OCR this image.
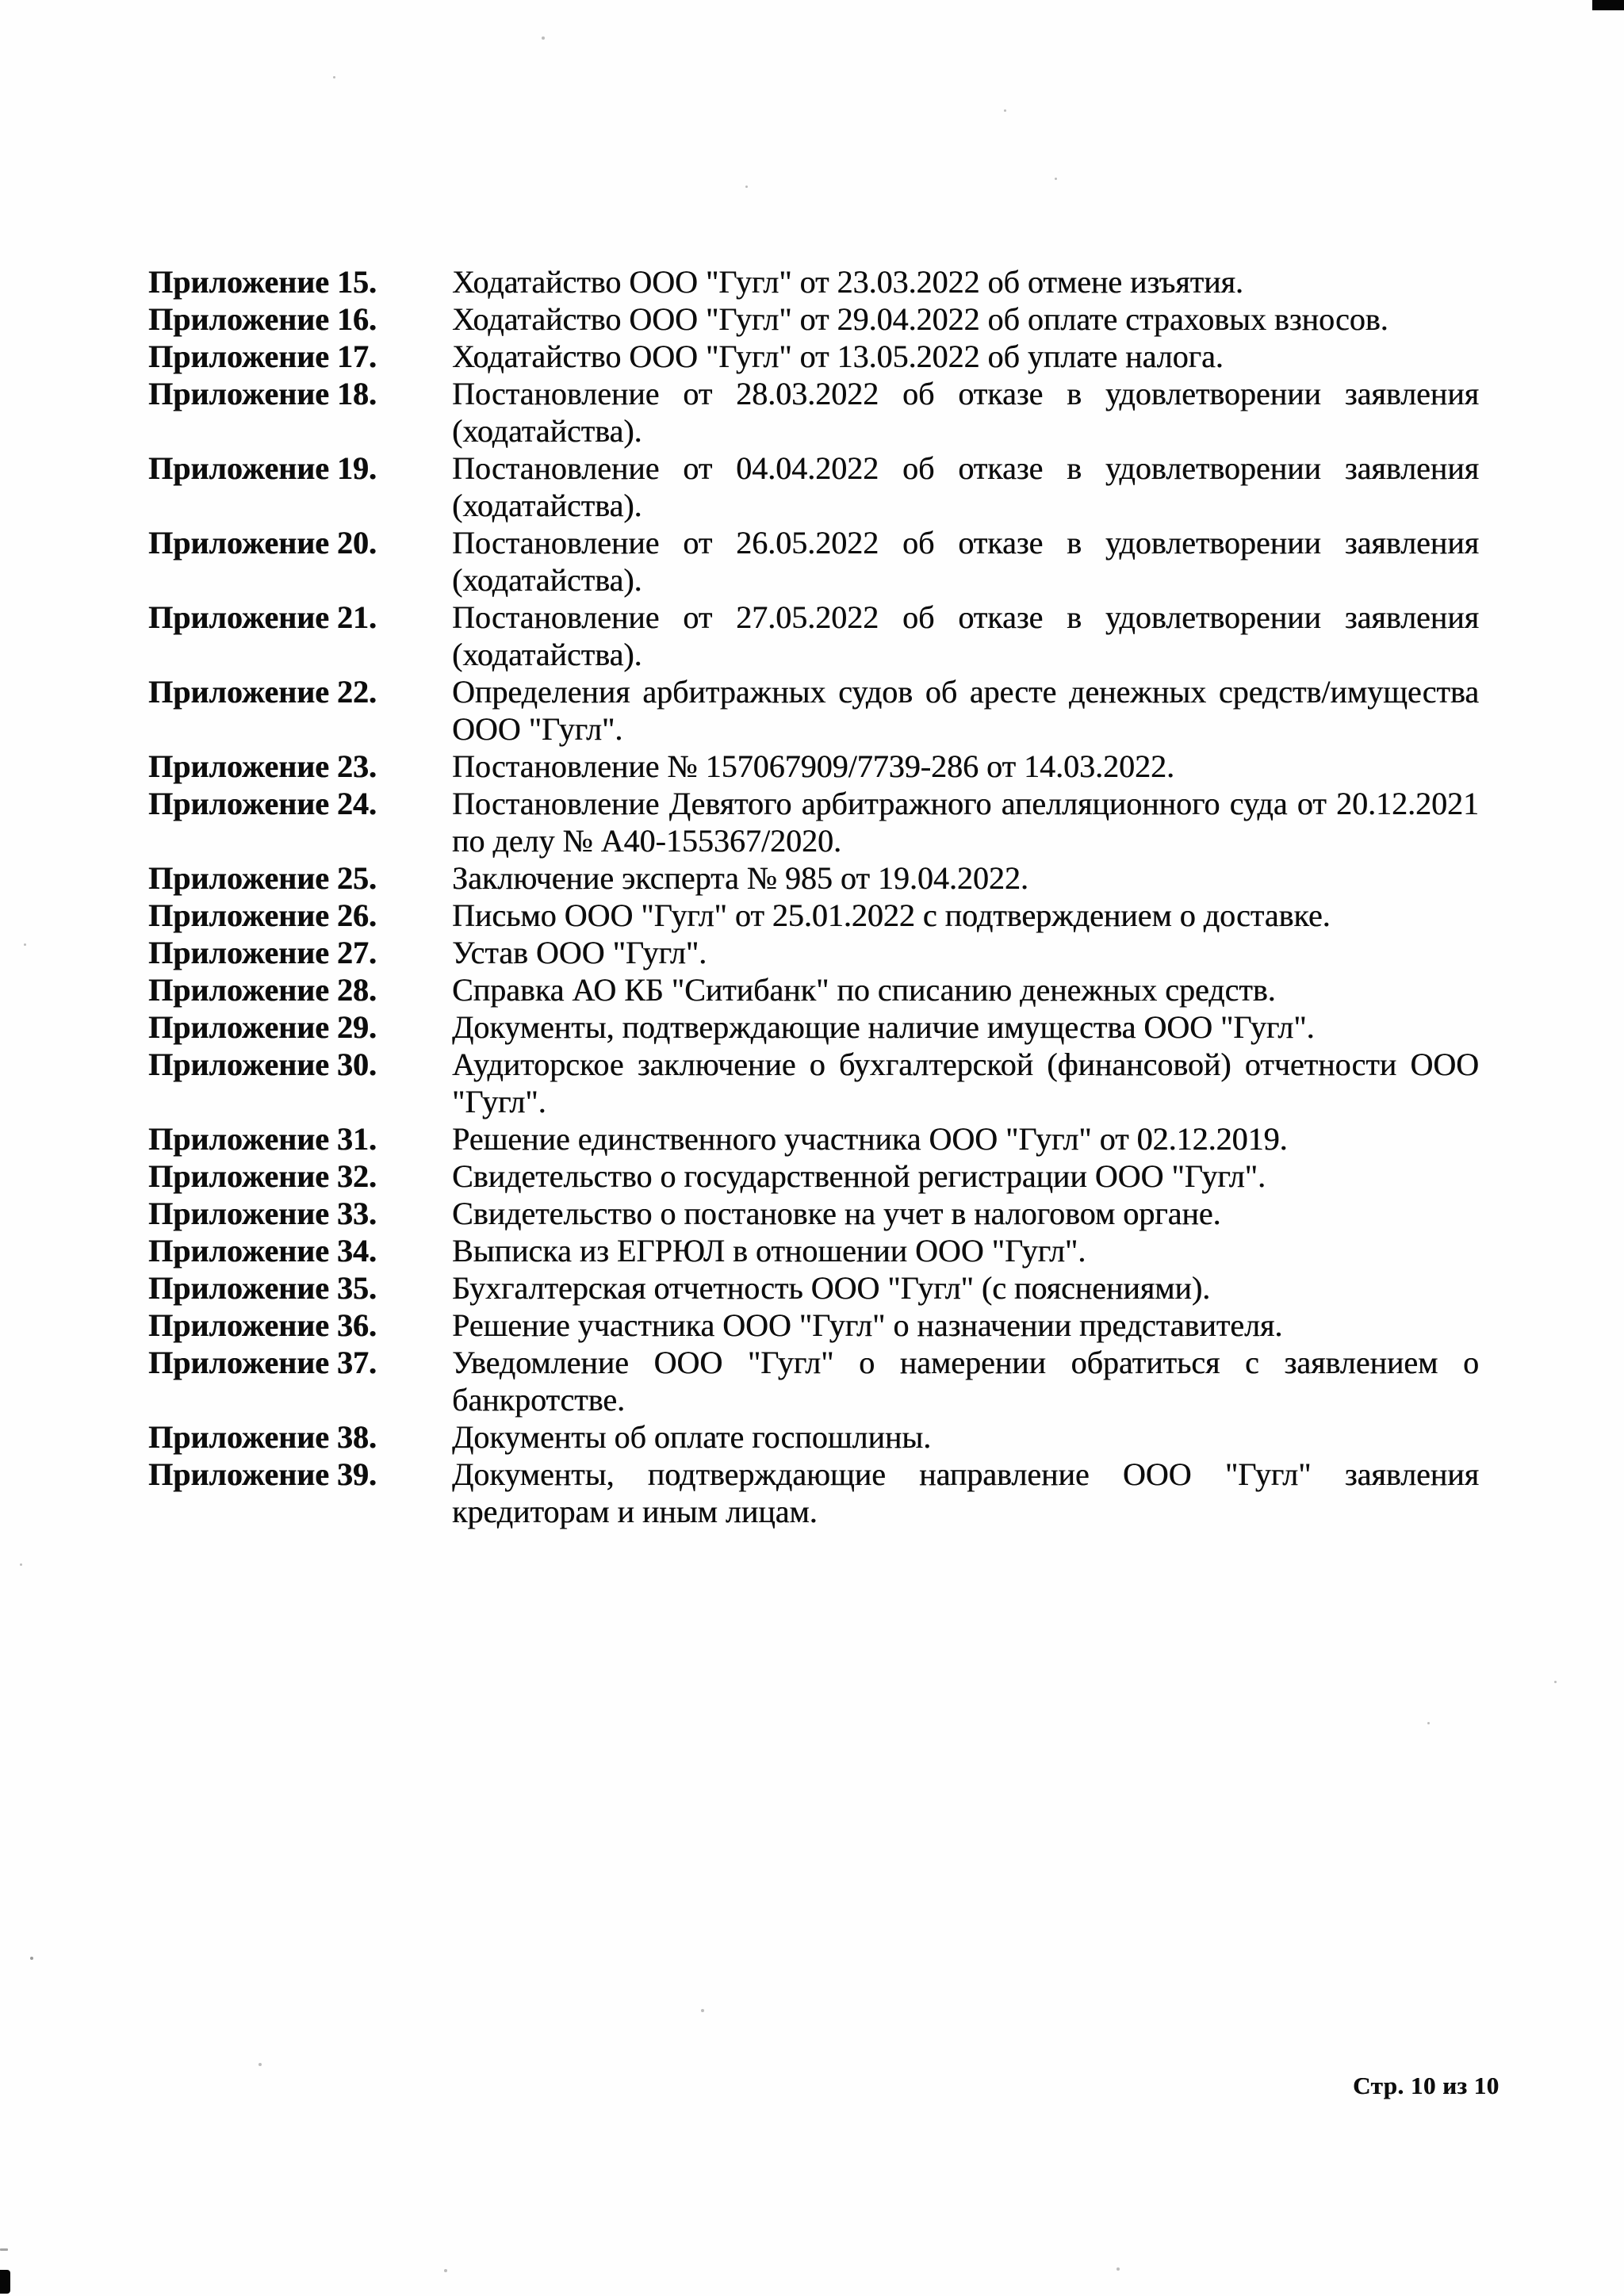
Приложение 15.	Ходатайство ООО "Гугл" от 23.03.2022 об отмене изъятия.
Приложение 16.	Ходатайство ООО "Гугл" от 29.04.2022 об оплате страховых взносов.
Приложение 17.	Ходатайство ООО "Гугл" от 13.05.2022 об уплате налога.
Приложение 18.	Постановление от 28.03.2022 об отказе в удовлетворении заявления (ходатайства).
Приложение 19.	Постановление от 04.04.2022 об отказе в удовлетворении заявления (ходатайства).
Приложение 20.	Постановление от 26.05.2022 об отказе в удовлетворении заявления (ходатайства).
Приложение 21.	Постановление от 27.05.2022 об отказе в удовлетворении заявления (ходатайства).
Приложение 22.	Определения арбитражных судов об аресте денежных средств/имущества ООО "Гугл".
Приложение 23.	Постановление № 157067909/7739-286 от 14.03.2022.
Приложение 24.	Постановление Девятого арбитражного апелляционного суда от 20.12.2021 по делу № А40-155367/2020.
Приложение 25.	Заключение эксперта № 985 от 19.04.2022.
Приложение 26.	Письмо ООО "Гугл" от 25.01.2022 с подтверждением о доставке.
Приложение 27.	Устав ООО "Гугл".
Приложение 28.	Справка АО КБ "Ситибанк" по списанию денежных средств.
Приложение 29.	Документы, подтверждающие наличие имущества ООО "Гугл".
Приложение 30.	Аудиторское заключение о бухгалтерской (финансовой) отчетности ООО "Гугл".
Приложение 31.	Решение единственного участника ООО "Гугл" от 02.12.2019.
Приложение 32.	Свидетельство о государственной регистрации ООО "Гугл".
Приложение 33.	Свидетельство о постановке на учет в налоговом органе.
Приложение 34.	Выписка из ЕГРЮЛ в отношении ООО "Гугл".
Приложение 35.	Бухгалтерская отчетность ООО "Гугл" (с пояснениями).
Приложение 36.	Решение участника ООО "Гугл" о назначении представителя.
Приложение 37.	Уведомление ООО "Гугл" о намерении обратиться с заявлением о банкротстве.
Приложение 38.	Документы об оплате госпошлины.
Приложение 39.	Документы, подтверждающие направление ООО "Гугл" заявления кредиторам и иным лицам.
Стр. 10 из 10
